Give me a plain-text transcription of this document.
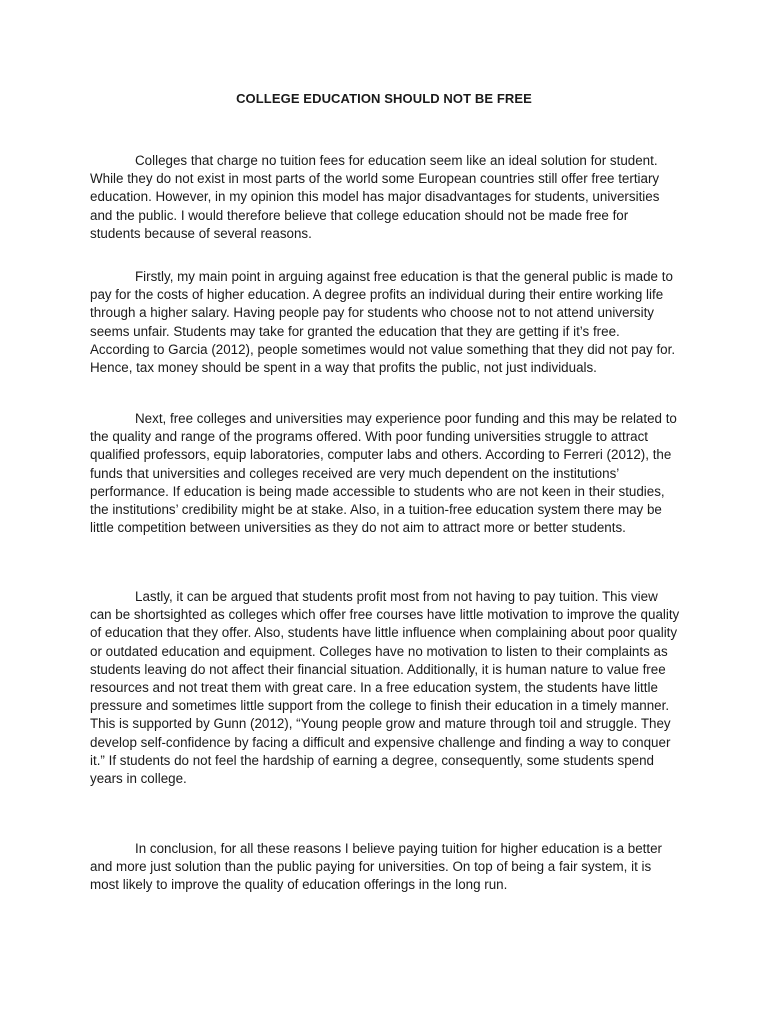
COLLEGE EDUCATION SHOULD NOT BE FREE

Colleges that charge no tuition fees for education seem like an ideal solution for student. While they do not exist in most parts of the world some European countries still offer free tertiary education. However, in my opinion this model has major disadvantages for students, universities and the public. I would therefore believe that college education should not be made free for students because of several reasons.

Firstly, my main point in arguing against free education is that the general public is made to pay for the costs of higher education. A degree profits an individual during their entire working life through a higher salary. Having people pay for students who choose not to not attend university seems unfair. Students may take for granted the education that they are getting if it’s free. According to Garcia (2012), people sometimes would not value something that they did not pay for. Hence, tax money should be spent in a way that profits the public, not just individuals.

Next, free colleges and universities may experience poor funding and this may be related to the quality and range of the programs offered. With poor funding universities struggle to attract qualified professors, equip laboratories, computer labs and others. According to Ferreri (2012), the funds that universities and colleges received are very much dependent on the institutions’ performance. If education is being made accessible to students who are not keen in their studies, the institutions’ credibility might be at stake. Also, in a tuition-free education system there may be little competition between universities as they do not aim to attract more or better students.

Lastly, it can be argued that students profit most from not having to pay tuition. This view can be shortsighted as colleges which offer free courses have little motivation to improve the quality of education that they offer. Also, students have little influence when complaining about poor quality or outdated education and equipment. Colleges have no motivation to listen to their complaints as students leaving do not affect their financial situation. Additionally, it is human nature to value free resources and not treat them with great care. In a free education system, the students have little pressure and sometimes little support from the college to finish their education in a timely manner. This is supported by Gunn (2012), “Young people grow and mature through toil and struggle. They develop self-confidence by facing a difficult and expensive challenge and finding a way to conquer it.” If students do not feel the hardship of earning a degree, consequently, some students spend years in college.

In conclusion, for all these reasons I believe paying tuition for higher education is a better and more just solution than the public paying for universities. On top of being a fair system, it is most likely to improve the quality of education offerings in the long run.
